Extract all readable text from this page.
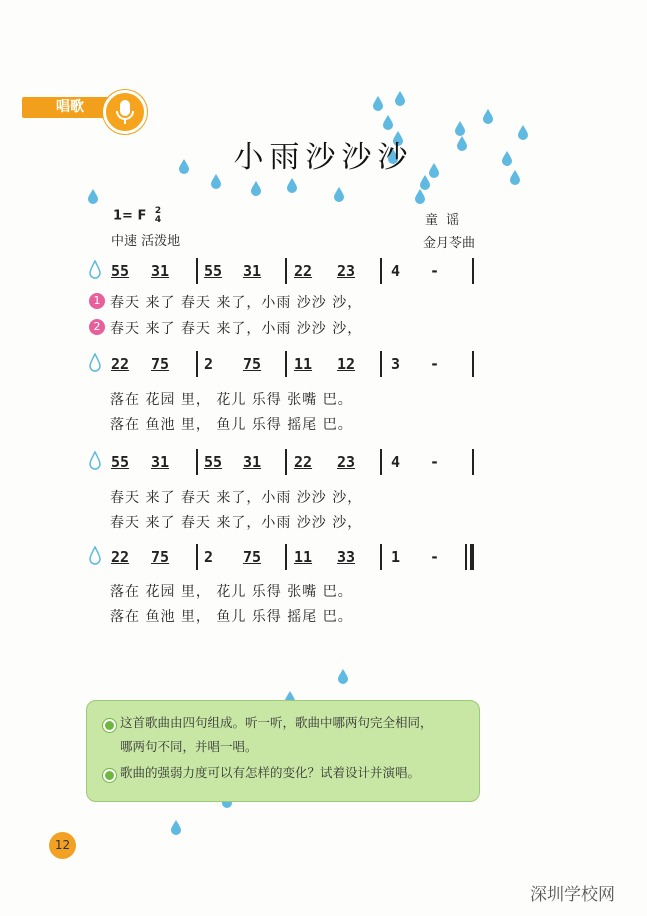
唱歌
小雨沙沙沙
1= F 2
4
中速 活泼地
童 谣
金月苓曲
55 31 55 31 22 23 4 -
春天 来了 春天 来了，小雨 沙沙 沙，
1
春天 来了 春天 来了，小雨 沙沙 沙，
2
22 75 2 75 11 12 3 -
落在 花园 里， 花儿 乐得 张嘴 巴。
落在 鱼池 里， 鱼儿 乐得 摇尾 巴。
55 31 55 31 22 23 4 -
春天 来了 春天 来了，小雨 沙沙 沙，
春天 来了 春天 来了，小雨 沙沙 沙，
22 75 2 75 11 33 1 -
落在 花园 里， 花儿 乐得 张嘴 巴。
落在 鱼池 里， 鱼儿 乐得 摇尾 巴。
这首歌曲由四句组成。听一听，歌曲中哪两句完全相同，
哪两句不同，并唱一唱。
歌曲的强弱力度可以有怎样的变化？试着设计并演唱。
12
深圳学校网
